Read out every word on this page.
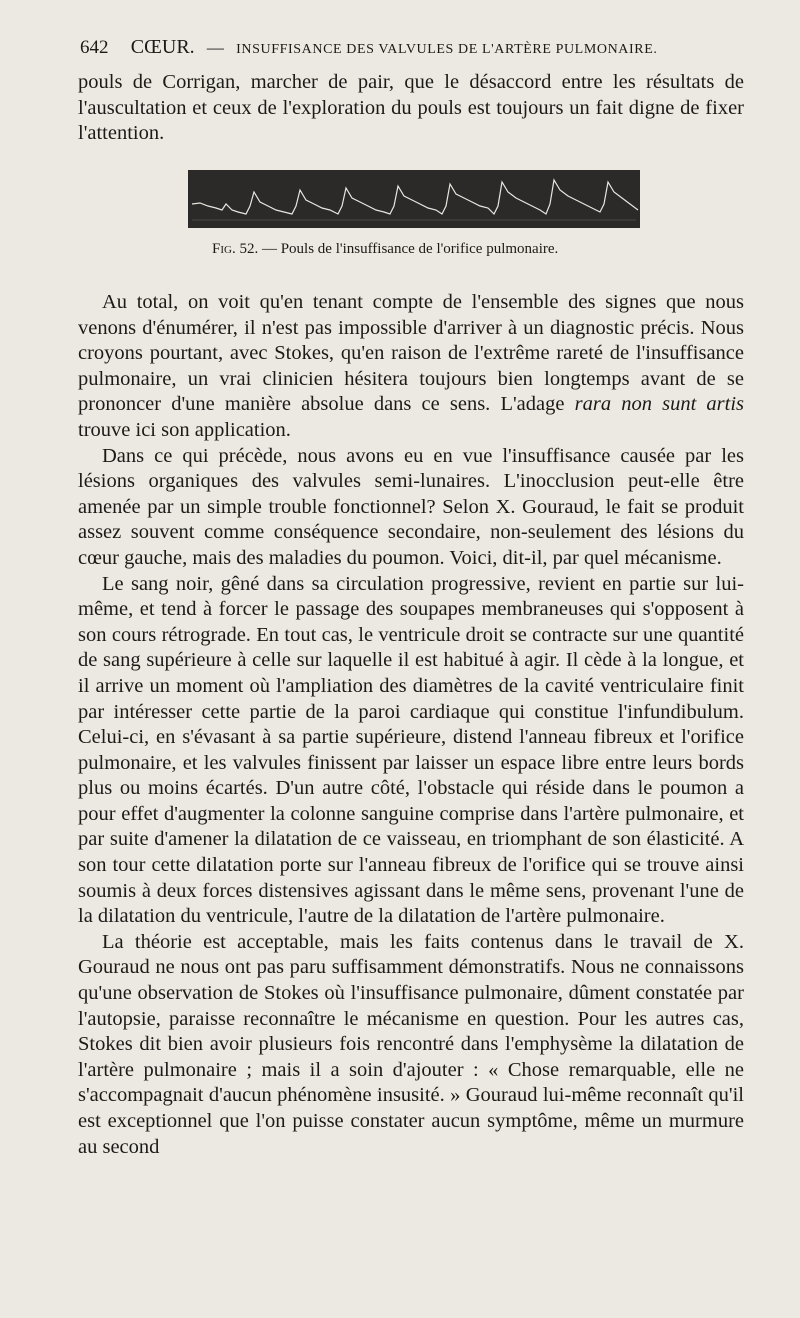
642 CŒUR. — INSUFFISANCE DES VALVULES DE L'ARTÈRE PULMONAIRE.

pouls de Corrigan, marcher de pair, que le désaccord entre les résultats de l'auscultation et ceux de l'exploration du pouls est toujours un fait digne de fixer l'attention.

Fig. 52. — Pouls de l'insuffisance de l'orifice pulmonaire.

Au total, on voit qu'en tenant compte de l'ensemble des signes que nous venons d'énumérer, il n'est pas impossible d'arriver à un diagnostic précis. Nous croyons pourtant, avec Stokes, qu'en raison de l'extrême rareté de l'insuffisance pulmonaire, un vrai clinicien hésitera toujours bien longtemps avant de se prononcer d'une manière absolue dans ce sens. L'adage rara non sunt artis trouve ici son application.

Dans ce qui précède, nous avons eu en vue l'insuffisance causée par les lésions organiques des valvules semi-lunaires. L'inocclusion peut-elle être amenée par un simple trouble fonctionnel? Selon X. Gouraud, le fait se produit assez souvent comme conséquence secondaire, non-seulement des lésions du cœur gauche, mais des maladies du poumon. Voici, dit-il, par quel mécanisme.

Le sang noir, gêné dans sa circulation progressive, revient en partie sur lui-même, et tend à forcer le passage des soupapes membraneuses qui s'opposent à son cours rétrograde. En tout cas, le ventricule droit se contracte sur une quantité de sang supérieure à celle sur laquelle il est habitué à agir. Il cède à la longue, et il arrive un moment où l'ampliation des diamètres de la cavité ventriculaire finit par intéresser cette partie de la paroi cardiaque qui constitue l'infundibulum. Celui-ci, en s'évasant à sa partie supérieure, distend l'anneau fibreux et l'orifice pulmonaire, et les valvules finissent par laisser un espace libre entre leurs bords plus ou moins écartés. D'un autre côté, l'obstacle qui réside dans le poumon a pour effet d'augmenter la colonne sanguine comprise dans l'artère pulmonaire, et par suite d'amener la dilatation de ce vaisseau, en triomphant de son élasticité. A son tour cette dilatation porte sur l'anneau fibreux de l'orifice qui se trouve ainsi soumis à deux forces distensives agissant dans le même sens, provenant l'une de la dilatation du ventricule, l'autre de la dilatation de l'artère pulmonaire.

La théorie est acceptable, mais les faits contenus dans le travail de X. Gouraud ne nous ont pas paru suffisamment démonstratifs. Nous ne connaissons qu'une observation de Stokes où l'insuffisance pulmonaire, dûment constatée par l'autopsie, paraisse reconnaître le mécanisme en question. Pour les autres cas, Stokes dit bien avoir plusieurs fois rencontré dans l'emphysème la dilatation de l'artère pulmonaire ; mais il a soin d'ajouter : « Chose remarquable, elle ne s'accompagnait d'aucun phénomène insusité. » Gouraud lui-même reconnaît qu'il est exceptionnel que l'on puisse constater aucun symptôme, même un murmure au second
